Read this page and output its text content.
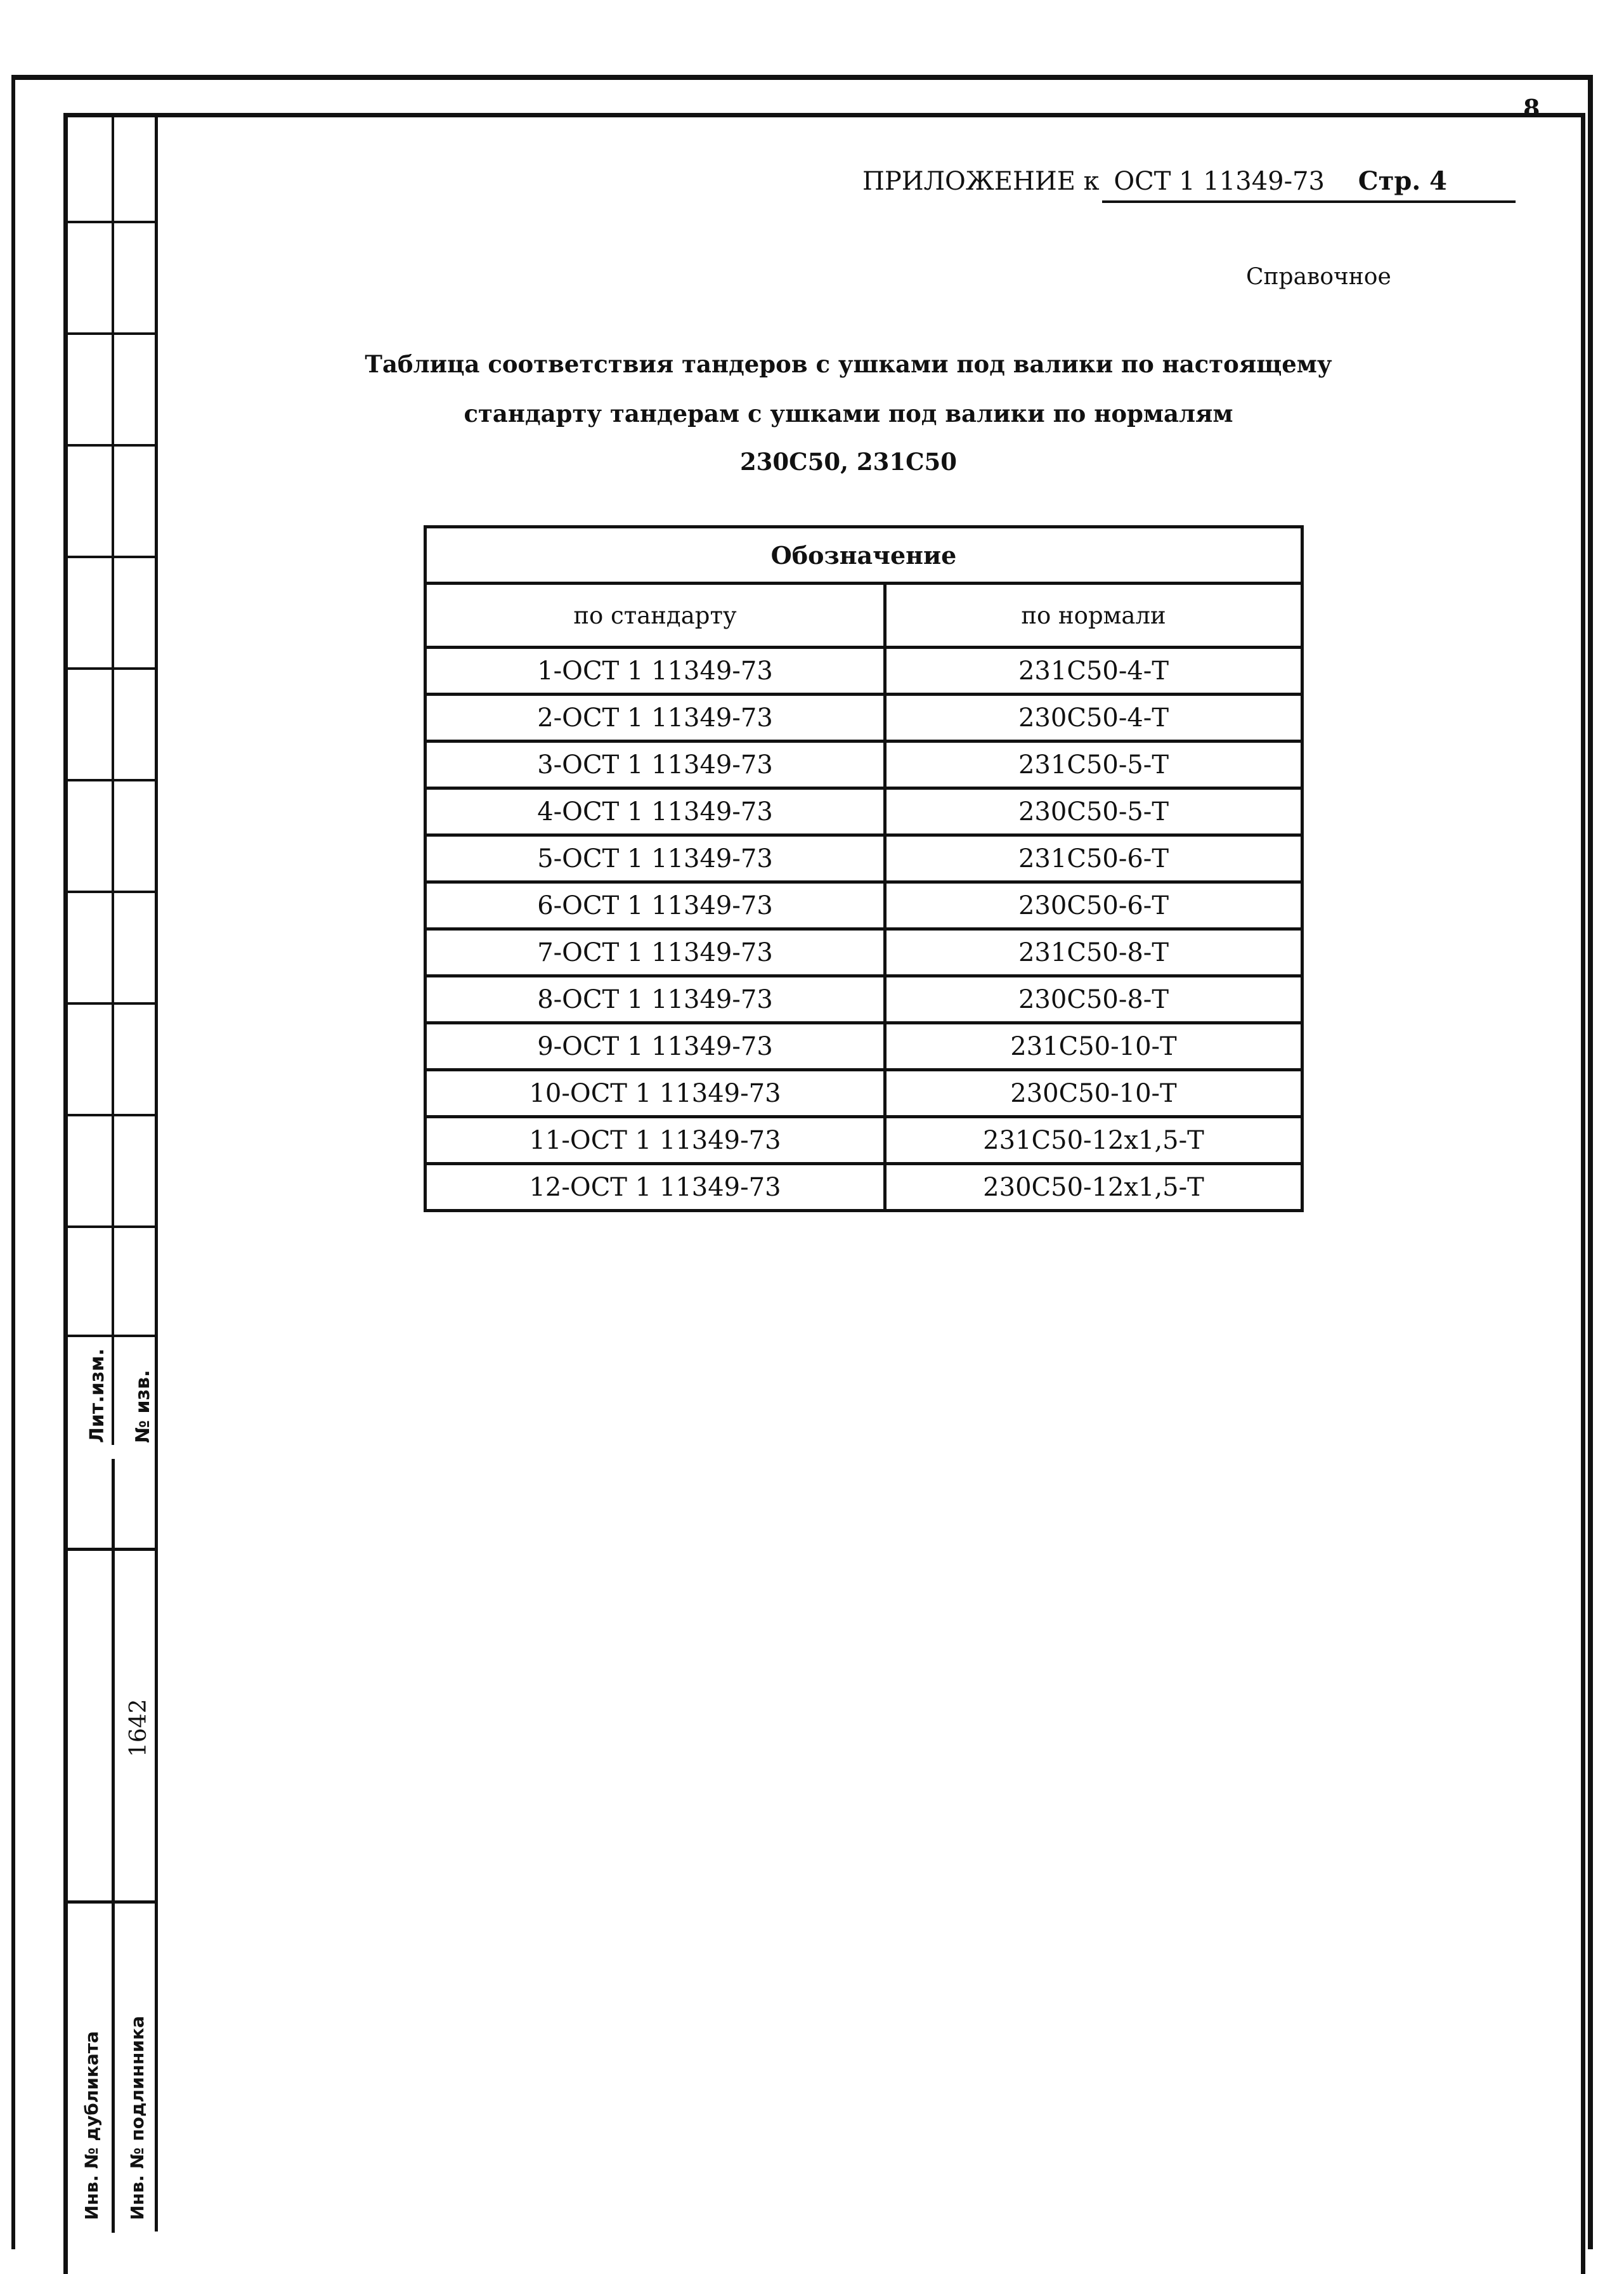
Лит.изм. № изв.
1642
Инв. № дубликата Инв. № подлинника
8
ПРИЛОЖЕНИЕ к ОСТ 1 11349-73 Стр. 4
Справочное
Таблица соответствия тандеров с ушками под валики по настоящему
стандарту тандерам с ушками под валики по нормалям
230С50, 231С50
Обозначение	
по стандарту	по нормали
1-ОСТ 1 11349-73	231С50-4-Т
2-ОСТ 1 11349-73	230С50-4-Т
3-ОСТ 1 11349-73	231С50-5-Т
4-ОСТ 1 11349-73	230С50-5-Т
5-ОСТ 1 11349-73	231С50-6-Т
6-ОСТ 1 11349-73	230С50-6-Т
7-ОСТ 1 11349-73	231С50-8-Т
8-ОСТ 1 11349-73	230С50-8-Т
9-ОСТ 1 11349-73	231С50-10-Т
10-ОСТ 1 11349-73	230С50-10-Т
11-ОСТ 1 11349-73	231С50-12х1,5-Т
12-ОСТ 1 11349-73	230С50-12х1,5-Т
